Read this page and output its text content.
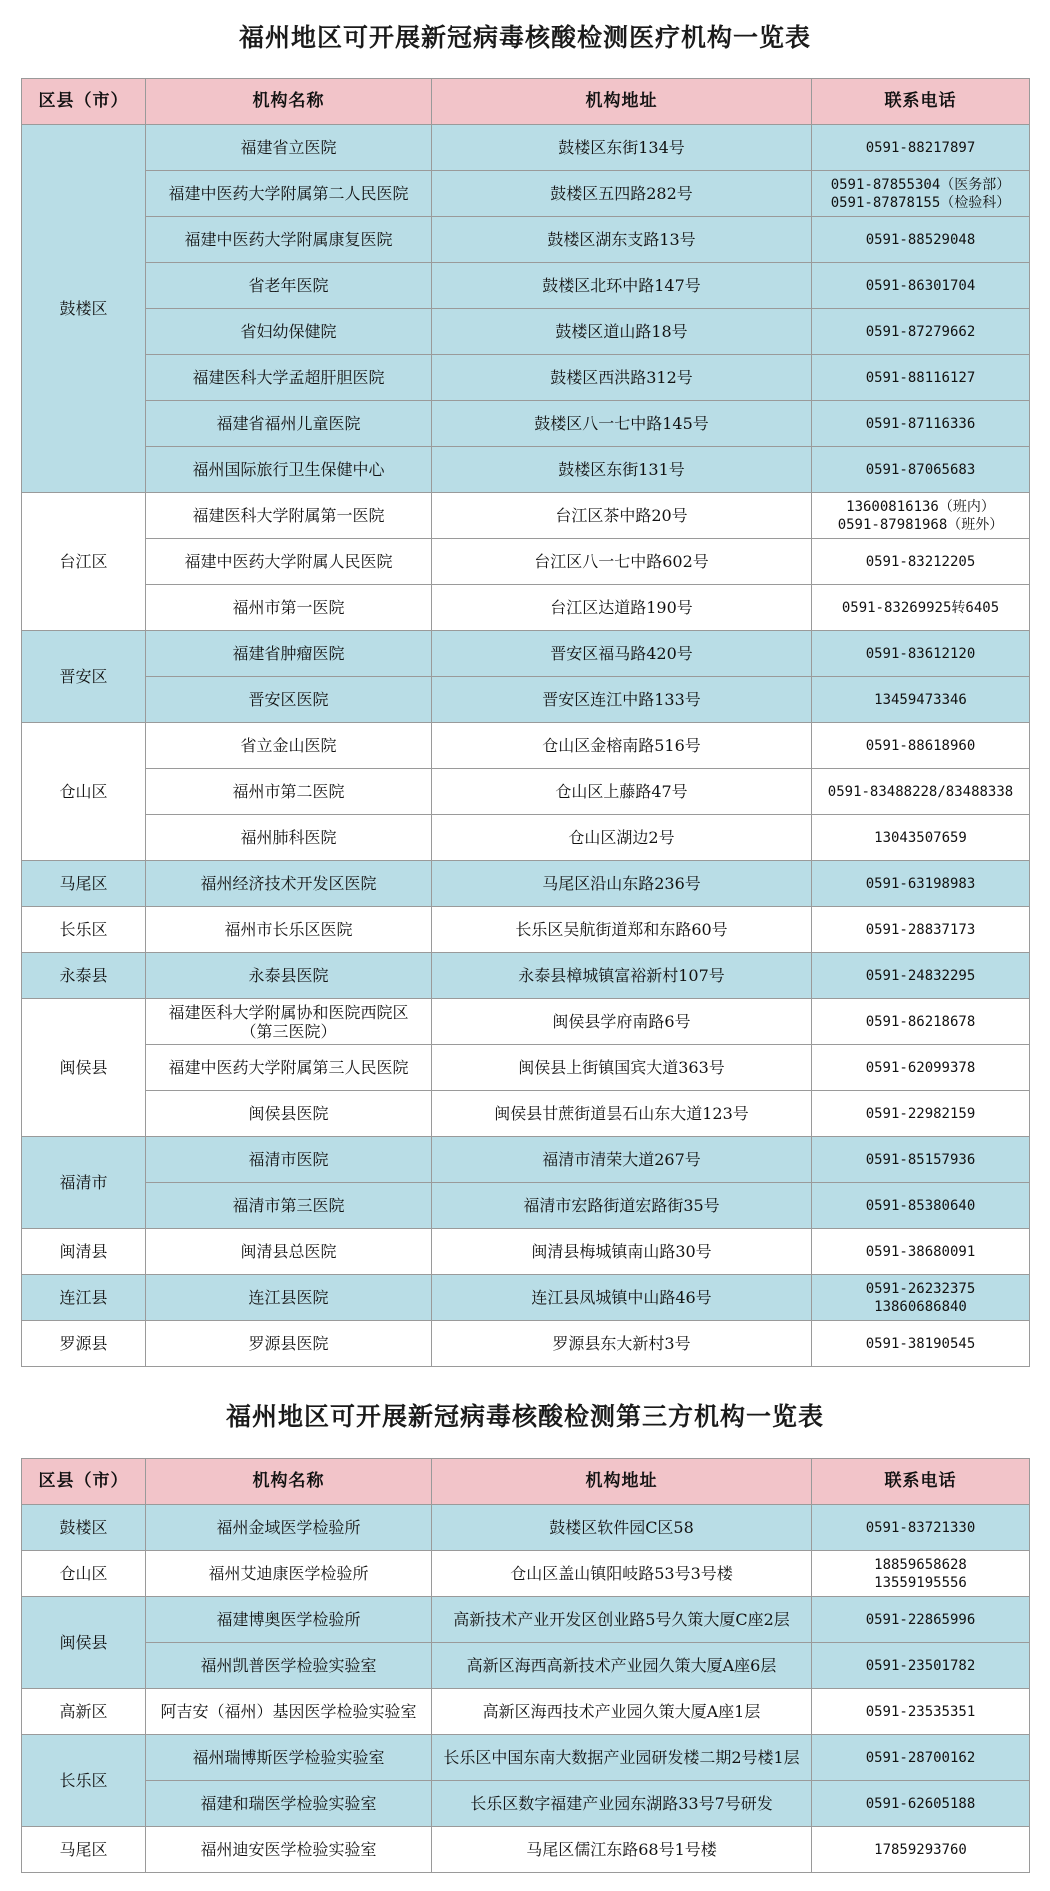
福州地区可开展新冠病毒核酸检测医疗机构一览表
区县（市）	机构名称	机构地址	联系电话
鼓楼区	福建省立医院	鼓楼区东街134号	0591-88217897
	福建中医药大学附属第二人民医院	鼓楼区五四路282号	0591-87855304（医务部）
0591-87878155（检验科）
	福建中医药大学附属康复医院	鼓楼区湖东支路13号	0591-88529048
	省老年医院	鼓楼区北环中路147号	0591-86301704
	省妇幼保健院	鼓楼区道山路18号	0591-87279662
	福建医科大学孟超肝胆医院	鼓楼区西洪路312号	0591-88116127
	福建省福州儿童医院	鼓楼区八一七中路145号	0591-87116336
	福州国际旅行卫生保健中心	鼓楼区东街131号	0591-87065683
台江区	福建医科大学附属第一医院	台江区茶中路20号	13600816136（班内）
0591-87981968（班外）
	福建中医药大学附属人民医院	台江区八一七中路602号	0591-83212205
	福州市第一医院	台江区达道路190号	0591-83269925转6405
晋安区	福建省肿瘤医院	晋安区福马路420号	0591-83612120
	晋安区医院	晋安区连江中路133号	13459473346
仓山区	省立金山医院	仓山区金榕南路516号	0591-88618960
	福州市第二医院	仓山区上藤路47号	0591-83488228/83488338
	福州肺科医院	仓山区湖边2号	13043507659
马尾区	福州经济技术开发区医院	马尾区沿山东路236号	0591-63198983
长乐区	福州市长乐区医院	长乐区吴航街道郑和东路60号	0591-28837173
永泰县	永泰县医院	永泰县樟城镇富裕新村107号	0591-24832295
闽侯县	福建医科大学附属协和医院西院区
（第三医院）	闽侯县学府南路6号	0591-86218678
	福建中医药大学附属第三人民医院	闽侯县上街镇国宾大道363号	0591-62099378
	闽侯县医院	闽侯县甘蔗街道昙石山东大道123号	0591-22982159
福清市	福清市医院	福清市清荣大道267号	0591-85157936
	福清市第三医院	福清市宏路街道宏路街35号	0591-85380640
闽清县	闽清县总医院	闽清县梅城镇南山路30号	0591-38680091
连江县	连江县医院	连江县凤城镇中山路46号	0591-26232375
13860686840
罗源县	罗源县医院	罗源县东大新村3号	0591-38190545
福州地区可开展新冠病毒核酸检测第三方机构一览表
区县（市）	机构名称	机构地址	联系电话
鼓楼区	福州金域医学检验所	鼓楼区软件园C区58	0591-83721330
仓山区	福州艾迪康医学检验所	仓山区盖山镇阳岐路53号3号楼	18859658628
13559195556
闽侯县	福建博奥医学检验所	高新技术产业开发区创业路5号久策大厦C座2层	0591-22865996
	福州凯普医学检验实验室	高新区海西高新技术产业园久策大厦A座6层	0591-23501782
高新区	阿吉安（福州）基因医学检验实验室	高新区海西技术产业园久策大厦A座1层	0591-23535351
长乐区	福州瑞博斯医学检验实验室	长乐区中国东南大数据产业园研发楼二期2号楼1层	0591-28700162
	福建和瑞医学检验实验室	长乐区数字福建产业园东湖路33号7号研发	0591-62605188
马尾区	福州迪安医学检验实验室	马尾区儒江东路68号1号楼	17859293760
